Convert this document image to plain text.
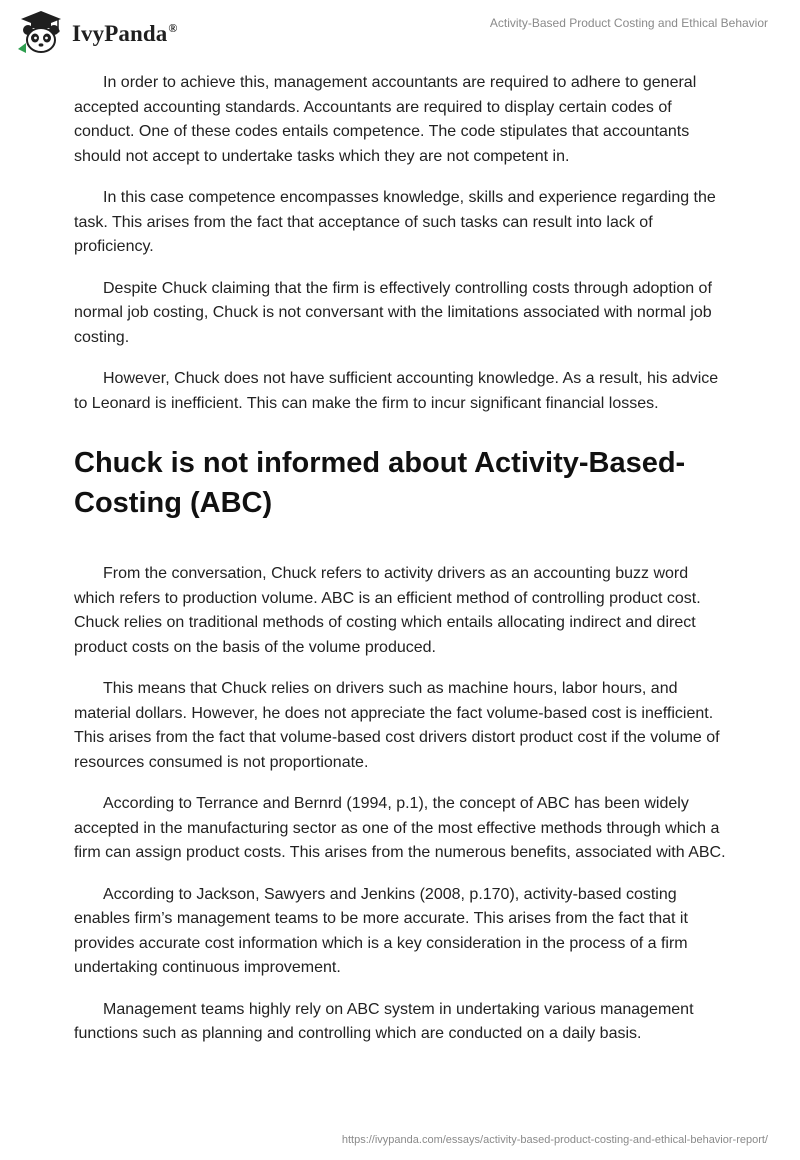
IvyPanda®	Activity-Based Product Costing and Ethical Behavior

In order to achieve this, management accountants are required to adhere to general accepted accounting standards. Accountants are required to display certain codes of conduct. One of these codes entails competence. The code stipulates that accountants should not accept to undertake tasks which they are not competent in.

In this case competence encompasses knowledge, skills and experience regarding the task. This arises from the fact that acceptance of such tasks can result into lack of proficiency.

Despite Chuck claiming that the firm is effectively controlling costs through adoption of normal job costing, Chuck is not conversant with the limitations associated with normal job costing.

However, Chuck does not have sufficient accounting knowledge. As a result, his advice to Leonard is inefficient. This can make the firm to incur significant financial losses.

Chuck is not informed about Activity-Based-Costing (ABC)

From the conversation, Chuck refers to activity drivers as an accounting buzz word which refers to production volume. ABC is an efficient method of controlling product cost. Chuck relies on traditional methods of costing which entails allocating indirect and direct product costs on the basis of the volume produced.

This means that Chuck relies on drivers such as machine hours, labor hours, and material dollars. However, he does not appreciate the fact volume-based cost is inefficient. This arises from the fact that volume-based cost drivers distort product cost if the volume of resources consumed is not proportionate.

According to Terrance and Bernrd (1994, p.1), the concept of ABC has been widely accepted in the manufacturing sector as one of the most effective methods through which a firm can assign product costs. This arises from the numerous benefits, associated with ABC.

According to Jackson, Sawyers and Jenkins (2008, p.170), activity-based costing enables firm’s management teams to be more accurate. This arises from the fact that it provides accurate cost information which is a key consideration in the process of a firm undertaking continuous improvement.

Management teams highly rely on ABC system in undertaking various management functions such as planning and controlling which are conducted on a daily basis.

https://ivypanda.com/essays/activity-based-product-costing-and-ethical-behavior-report/
